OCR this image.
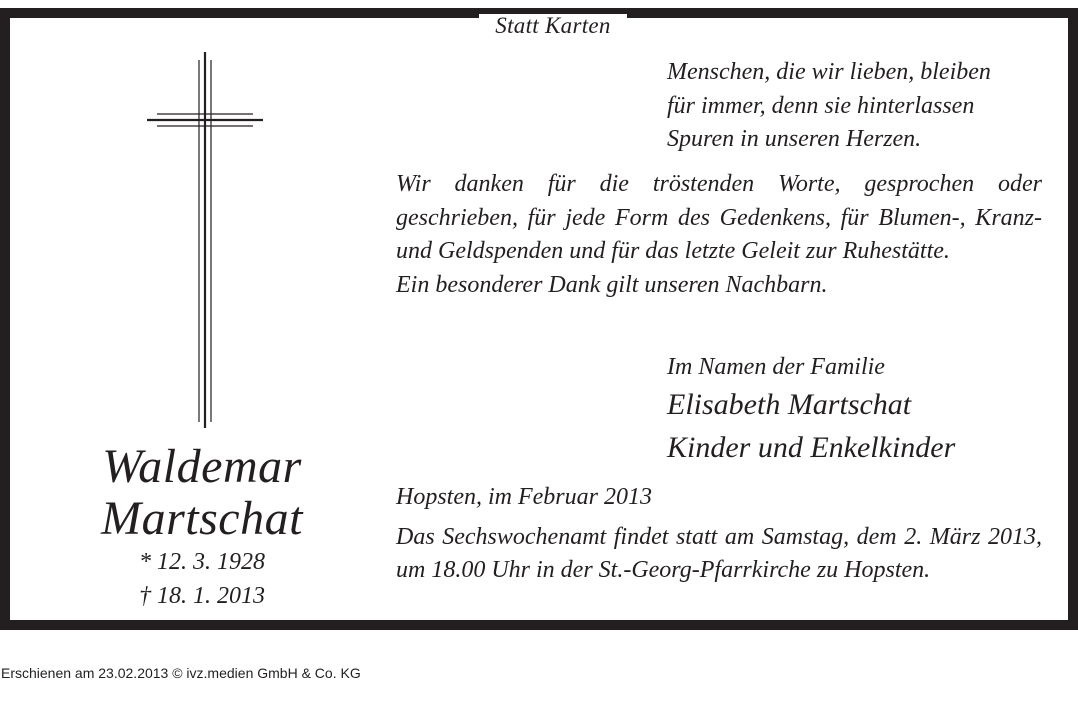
Statt Karten
Menschen, die wir lieben, bleiben
für immer, denn sie hinterlassen
Spuren in unseren Herzen.
Wir danken für die tröstenden Worte, gesprochen oder geschrieben, für jede Form des Gedenkens, für Blumen-, Kranz- und Geldspenden und für das letzte Geleit zur Ruhestätte.
Ein besonderer Dank gilt unseren Nachbarn.
Im Namen der Familie
Elisabeth Martschat
Kinder und Enkelkinder
Hopsten, im Februar 2013
Das Sechswochenamt findet statt am Samstag, dem 2. März 2013, um 18.00 Uhr in der St.-Georg-Pfarrkirche zu Hopsten.
Waldemar
Martschat
* 12. 3. 1928
† 18. 1. 2013
Erschienen am 23.02.2013 © ivz.medien GmbH & Co. KG
